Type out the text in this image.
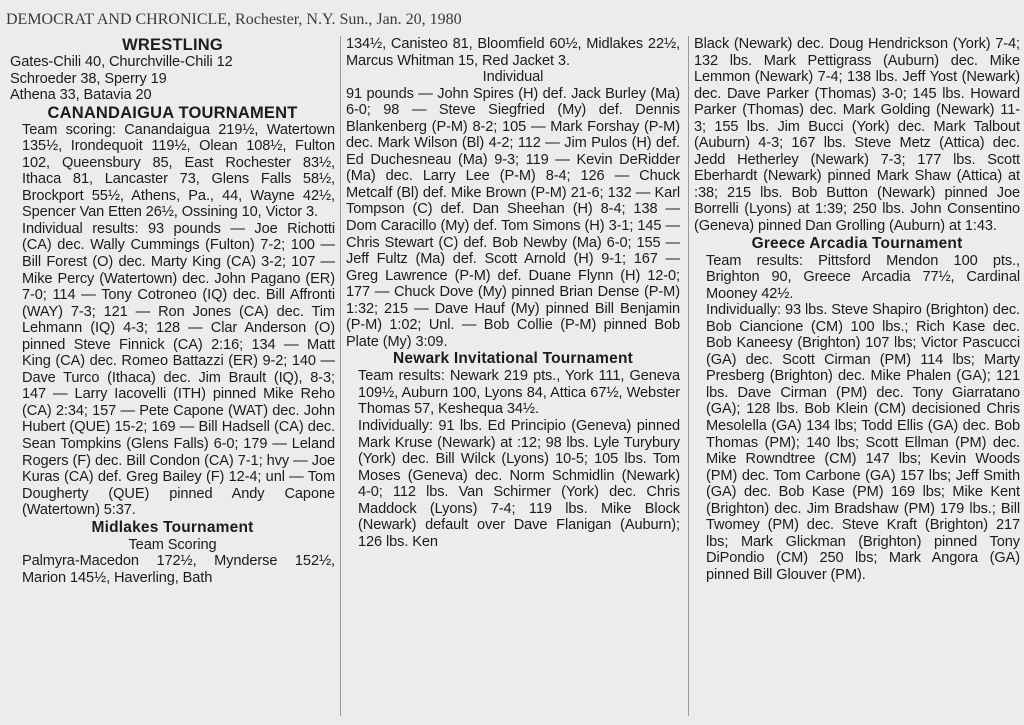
DEMOCRAT AND CHRONICLE, Rochester, N.Y. Sun., Jan. 20, 1980
WRESTLING
Gates-Chili 40, Churchville-Chili 12
Schroeder 38, Sperry 19
Athena 33, Batavia 20
CANANDAIGUA TOURNAMENT
Team scoring: Canandaigua 219½, Watertown 135½, Irondequoit 119½, Olean 108½, Fulton 102, Queensbury 85, East Rochester 83½, Ithaca 81, Lancaster 73, Glens Falls 58½, Brockport 55½, Athens, Pa., 44, Wayne 42½, Spencer Van Etten 26½, Ossining 10, Victor 3.
Individual results: 93 pounds — Joe Richotti (CA) dec. Wally Cummings (Fulton) 7-2; 100 — Bill Forest (O) dec. Marty King (CA) 3-2; 107 — Mike Percy (Watertown) dec. John Pagano (ER) 7-0; 114 — Tony Cotroneo (IQ) dec. Bill Affronti (WAY) 7-3; 121 — Ron Jones (CA) dec. Tim Lehmann (IQ) 4-3; 128 — Clar Anderson (O) pinned Steve Finnick (CA) 2:16; 134 — Matt King (CA) dec. Romeo Battazzi (ER) 9-2; 140 — Dave Turco (Ithaca) dec. Jim Brault (IQ), 8-3; 147 — Larry Iacovelli (ITH) pinned Mike Reho (CA) 2:34; 157 — Pete Capone (WAT) dec. John Hubert (QUE) 15-2; 169 — Bill Hadsell (CA) dec. Sean Tompkins (Glens Falls) 6-0; 179 — Leland Rogers (F) dec. Bill Condon (CA) 7-1; hvy — Joe Kuras (CA) def. Greg Bailey (F) 12-4; unl — Tom Dougherty (QUE) pinned Andy Capone (Watertown) 5:37.
Midlakes Tournament
Team Scoring
Palmyra-Macedon 172½, Mynderse 152½, Marion 145½, Haverling, Bath
134½, Canisteo 81, Bloomfield 60½, Midlakes 22½, Marcus Whitman 15, Red Jacket 3.
Individual
91 pounds — John Spires (H) def. Jack Burley (Ma) 6-0; 98 — Steve Siegfried (My) def. Dennis Blankenberg (P-M) 8-2; 105 — Mark Forshay (P-M) dec. Mark Wilson (Bl) 4-2; 112 — Jim Pulos (H) def. Ed Duchesneau (Ma) 9-3; 119 — Kevin DeRidder (Ma) dec. Larry Lee (P-M) 8-4; 126 — Chuck Metcalf (Bl) def. Mike Brown (P-M) 21-6; 132 — Karl Tompson (C) def. Dan Sheehan (H) 8-4; 138 — Dom Caracillo (My) def. Tom Simons (H) 3-1; 145 — Chris Stewart (C) def. Bob Newby (Ma) 6-0; 155 — Jeff Fultz (Ma) def. Scott Arnold (H) 9-1; 167 — Greg Lawrence (P-M) def. Duane Flynn (H) 12-0; 177 — Chuck Dove (My) pinned Brian Dense (P-M) 1:32; 215 — Dave Hauf (My) pinned Bill Benjamin (P-M) 1:02; Unl. — Bob Collie (P-M) pinned Bob Plate (My) 3:09.
Newark Invitational Tournament
Team results: Newark 219 pts., York 111, Geneva 109½, Auburn 100, Lyons 84, Attica 67½, Webster Thomas 57, Keshequa 34½.
Individually: 91 lbs. Ed Principio (Geneva) pinned Mark Kruse (Newark) at :12; 98 lbs. Lyle Turybury (York) dec. Bill Wilck (Lyons) 10-5; 105 lbs. Tom Moses (Geneva) dec. Norm Schmidlin (Newark) 4-0; 112 lbs. Van Schirmer (York) dec. Chris Maddock (Lyons) 7-4; 119 lbs. Mike Block (Newark) default over Dave Flanigan (Auburn); 126 lbs. Ken
Black (Newark) dec. Doug Hendrickson (York) 7-4; 132 lbs. Mark Pettigrass (Auburn) dec. Mike Lemmon (Newark) 7-4; 138 lbs. Jeff Yost (Newark) dec. Dave Parker (Thomas) 3-0; 145 lbs. Howard Parker (Thomas) dec. Mark Golding (Newark) 11-3; 155 lbs. Jim Bucci (York) dec. Mark Talbout (Auburn) 4-3; 167 lbs. Steve Metz (Attica) dec. Jedd Hetherley (Newark) 7-3; 177 lbs. Scott Eberhardt (Newark) pinned Mark Shaw (Attica) at :38; 215 lbs. Bob Button (Newark) pinned Joe Borrelli (Lyons) at 1:39; 250 lbs. John Consentino (Geneva) pinned Dan Grolling (Auburn) at 1:43.
Greece Arcadia Tournament
Team results: Pittsford Mendon 100 pts., Brighton 90, Greece Arcadia 77½, Cardinal Mooney 42½.
Individually: 93 lbs. Steve Shapiro (Brighton) dec. Bob Ciancione (CM) 100 lbs.; Rich Kase dec. Bob Kaneesy (Brighton) 107 lbs; Victor Pascucci (GA) dec. Scott Cirman (PM) 114 lbs; Marty Presberg (Brighton) dec. Mike Phalen (GA); 121 lbs. Dave Cirman (PM) dec. Tony Giarratano (GA); 128 lbs. Bob Klein (CM) decisioned Chris Mesolella (GA) 134 lbs; Todd Ellis (GA) dec. Bob Thomas (PM); 140 lbs; Scott Ellman (PM) dec. Mike Rowndtree (CM) 147 lbs; Kevin Woods (PM) dec. Tom Carbone (GA) 157 lbs; Jeff Smith (GA) dec. Bob Kase (PM) 169 lbs; Mike Kent (Brighton) dec. Jim Bradshaw (PM) 179 lbs.; Bill Twomey (PM) dec. Steve Kraft (Brighton) 217 lbs; Mark Glickman (Brighton) pinned Tony DiPondio (CM) 250 lbs; Mark Angora (GA) pinned Bill Glouver (PM).
